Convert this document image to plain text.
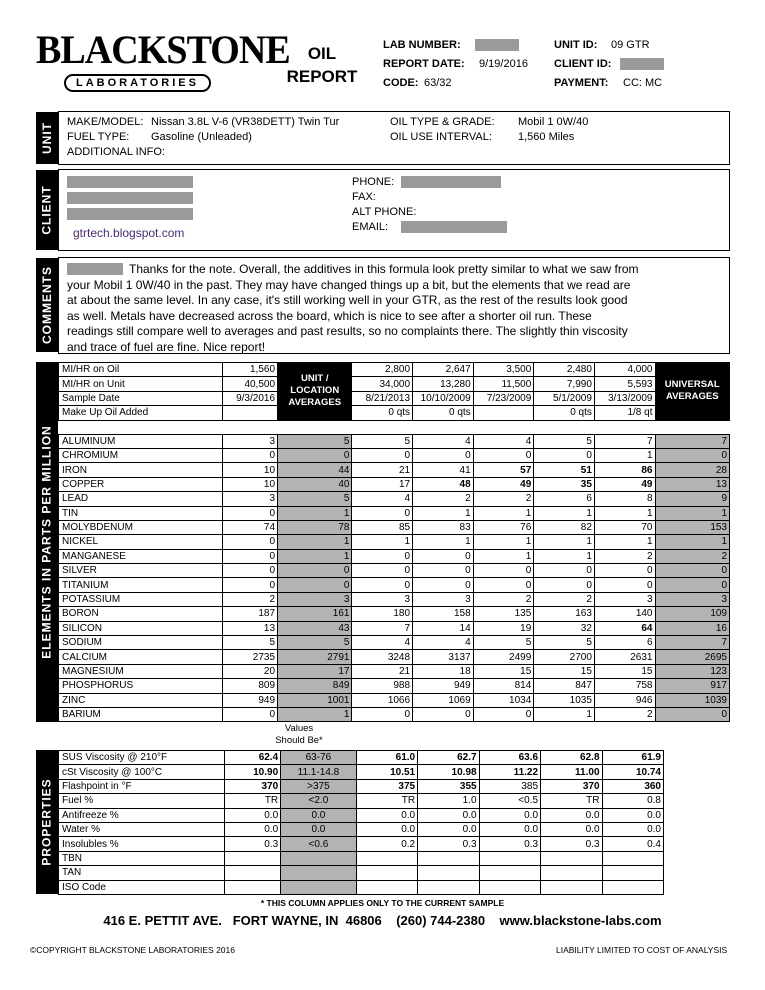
BLACKSTONE
LABORATORIES
OIL
REPORT
LAB NUMBER:
REPORT DATE: 9/19/2016
CODE: 63/32
UNIT ID: 09 GTR
CLIENT ID:
PAYMENT: CC: MC
UNIT MAKE/MODEL: Nissan 3.8L V-6 (VR38DETT) Twin Tur
FUEL TYPE: Gasoline (Unleaded)
ADDITIONAL INFO:
OIL TYPE & GRADE: Mobil 1 0W/40
OIL USE INTERVAL: 1,560 Miles
CLIENT gtrtech.blogspot.com
PHONE:
FAX:
ALT PHONE:
EMAIL:
COMMENTS	Thanks for the note. Overall, the additives in this formula look pretty similar to what we saw from
your Mobil 1 0W/40 in the past. They may have changed things up a bit, but the elements that we read are
at about the same level. In any case, it's still working well in your GTR, as the rest of the results look good
as well. Metals have decreased across the board, which is nice to see after a shorter oil run. These
readings still compare well to averages and past results, so no complaints there. The slightly thin viscosity
and trace of fuel are fine. Nice report!
ELEMENTS IN PARTS PER MILLION
MI/HR on Oil	1,560	UNIT / LOCATION AVERAGES	2,800	2,647	3,500	2,480	4,000	UNIVERSAL AVERAGES
MI/HR on Unit	40,500		34,000	13,280	11,500	7,990	5,593	
Sample Date	9/3/2016		8/21/2013	10/10/2009	7/23/2009	5/1/2009	3/13/2009	
Make Up Oil Added			0 qts	0 qts		0 qts	1/8 qt	

ALUMINUM	3	5	5	4	4	5	7	7
CHROMIUM	0	0	0	0	0	0	1	0
IRON	10	44	21	41	57	51	86	28
COPPER	10	40	17	48	49	35	49	13
LEAD	3	5	4	2	2	6	8	9
TIN	0	1	0	1	1	1	1	1
MOLYBDENUM	74	78	85	83	76	82	70	153
NICKEL	0	1	1	1	1	1	1	1
MANGANESE	0	1	0	0	1	1	2	2
SILVER	0	0	0	0	0	0	0	0
TITANIUM	0	0	0	0	0	0	0	0
POTASSIUM	2	3	3	3	2	2	3	3
BORON	187	161	180	158	135	163	140	109
SILICON	13	43	7	14	19	32	64	16
SODIUM	5	5	4	4	5	5	6	7
CALCIUM	2735	2791	3248	3137	2499	2700	2631	2695
MAGNESIUM	20	17	21	18	15	15	15	123
PHOSPHORUS	809	849	988	949	814	847	758	917
ZINC	949	1001	1066	1069	1034	1035	946	1039
BARIUM	0	1	0	0	0	1	2	0
Values
Should Be*
PROPERTIES
SUS Viscosity @ 210°F	62.4	63-76	61.0	62.7	63.6	62.8	61.9
cSt Viscosity @ 100°C	10.90	11.1-14.8	10.51	10.98	11.22	11.00	10.74
Flashpoint in °F	370	>375	375	355	385	370	360
Fuel %	TR	<2.0	TR	1.0	<0.5	TR	0.8
Antifreeze %	0.0	0.0	0.0	0.0	0.0	0.0	0.0
Water %	0.0	0.0	0.0	0.0	0.0	0.0	0.0
Insolubles %	0.3	<0.6	0.2	0.3	0.3	0.3	0.4
TBN							
TAN							
ISO Code							
* THIS COLUMN APPLIES ONLY TO THE CURRENT SAMPLE
416 E. PETTIT AVE.   FORT WAYNE, IN  46806    (260) 744-2380    www.blackstone-labs.com
©COPYRIGHT BLACKSTONE LABORATORIES 2016	LIABILITY LIMITED TO COST OF ANALYSIS
